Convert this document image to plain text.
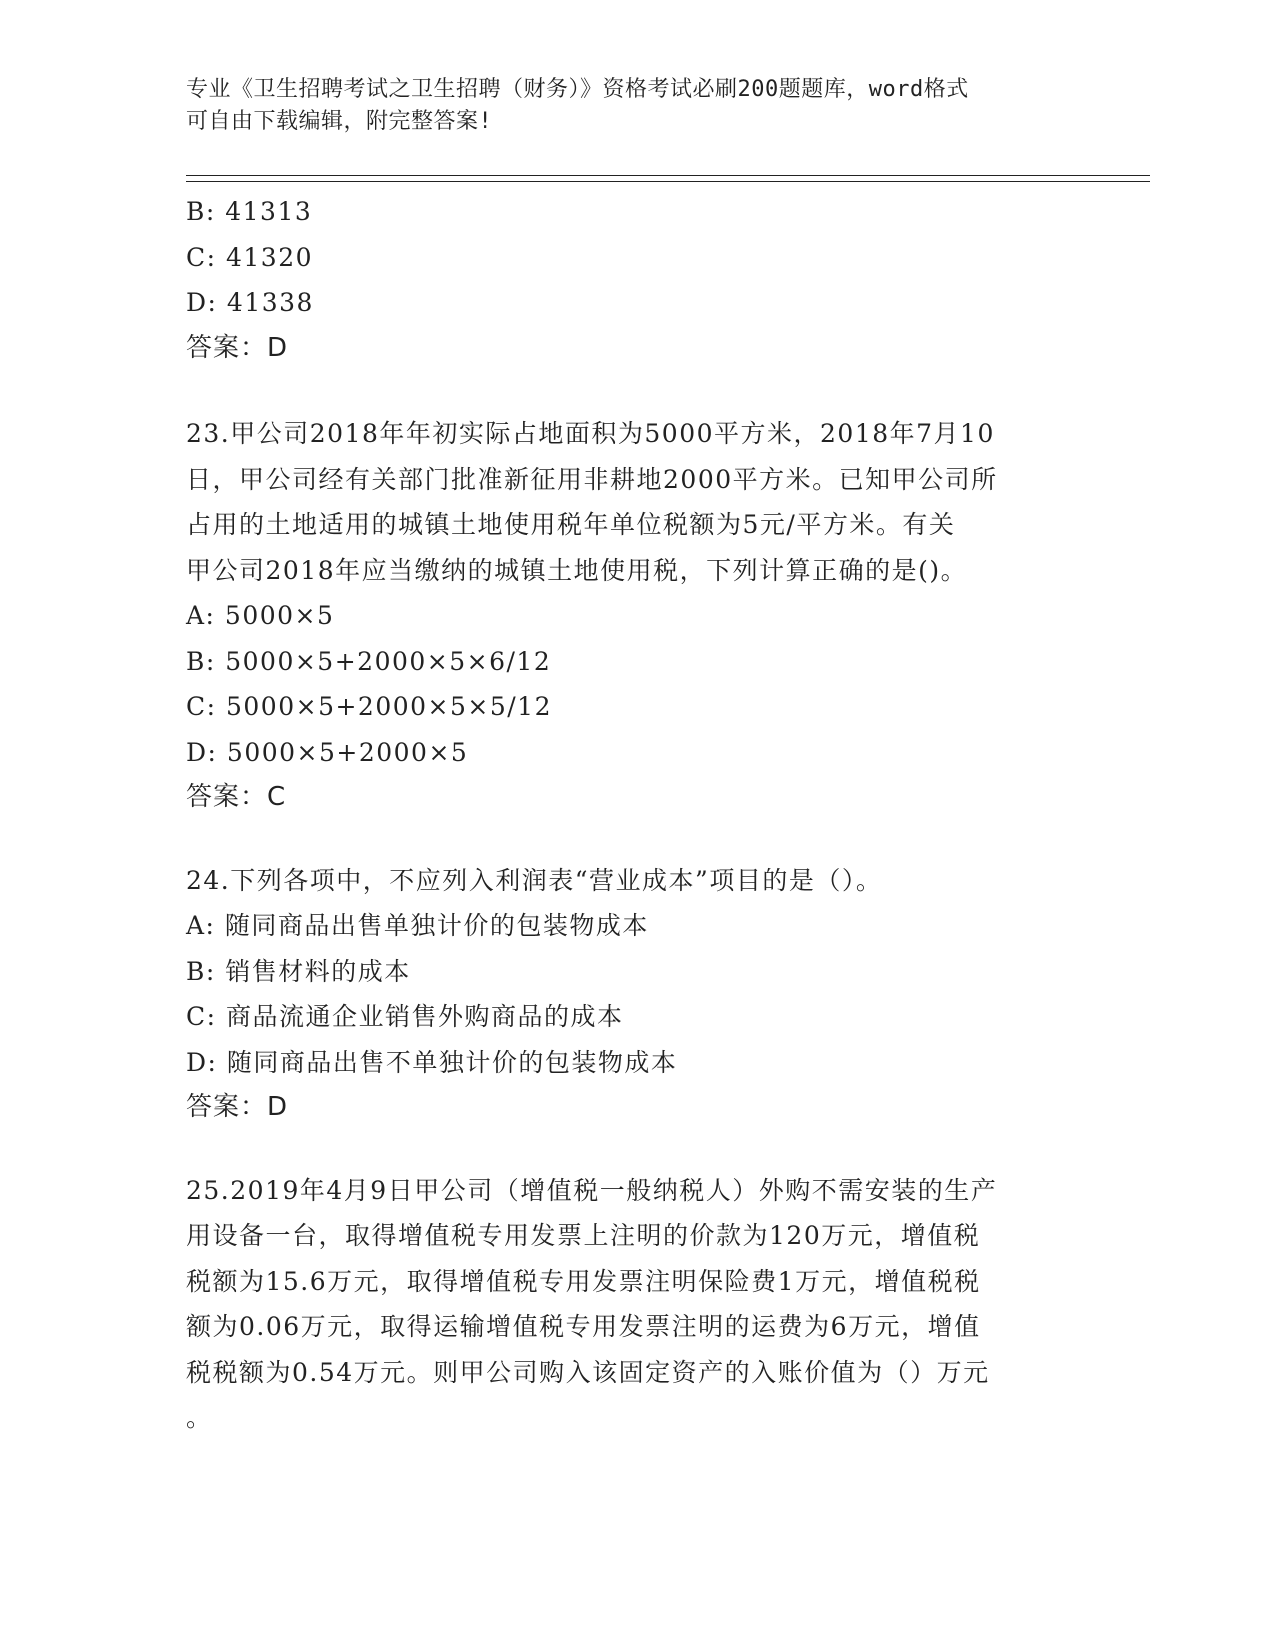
专业《卫生招聘考试之卫生招聘（财务）》资格考试必刷200题题库，word格式
可自由下载编辑，附完整答案!
B: 41313
C: 41320
D: 41338
答案：D
23.甲公司2018年年初实际占地面积为5000平方米，2018年7月10
日，甲公司经有关部门批准新征用非耕地2000平方米。已知甲公司所
占用的土地适用的城镇土地使用税年单位税额为5元/平方米。有关
甲公司2018年应当缴纳的城镇土地使用税，下列计算正确的是()。
A: 5000×5
B: 5000×5+2000×5×6/12
C: 5000×5+2000×5×5/12
D: 5000×5+2000×5
答案：C
24.下列各项中，不应列入利润表“营业成本”项目的是（）。
A: 随同商品出售单独计价的包装物成本
B: 销售材料的成本
C: 商品流通企业销售外购商品的成本
D: 随同商品出售不单独计价的包装物成本
答案：D
25.2019年4月9日甲公司（增值税一般纳税人）外购不需安装的生产
用设备一台，取得增值税专用发票上注明的价款为120万元，增值税
税额为15.6万元，取得增值税专用发票注明保险费1万元，增值税税
额为0.06万元，取得运输增值税专用发票注明的运费为6万元，增值
税税额为0.54万元。则甲公司购入该固定资产的入账价值为（）万元
。
